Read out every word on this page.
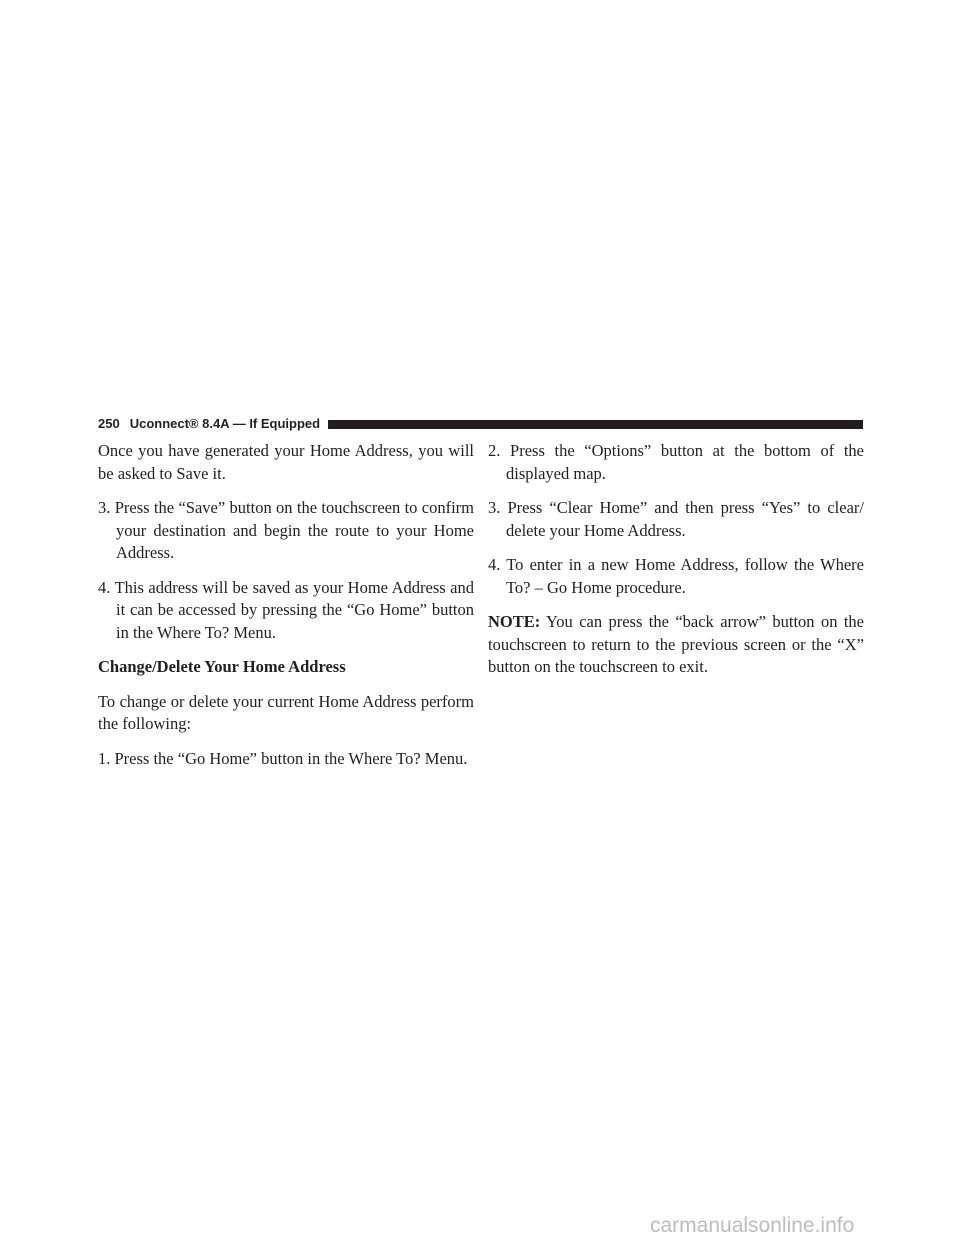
250 Uconnect® 8.4A — If Equipped

Once you have generated your Home Address, you will be asked to Save it.

3. Press the “Save” button on the touchscreen to confirm your destination and begin the route to your Home Address.

4. This address will be saved as your Home Address and it can be accessed by pressing the “Go Home” button in the Where To? Menu.

Change/Delete Your Home Address

To change or delete your current Home Address perform the following:

1. Press the “Go Home” button in the Where To? Menu.

2. Press the “Options” button at the bottom of the displayed map.

3. Press “Clear Home” and then press “Yes” to clear/ delete your Home Address.

4. To enter in a new Home Address, follow the Where To? – Go Home procedure.

NOTE: You can press the “back arrow” button on the touchscreen to return to the previous screen or the “X” button on the touchscreen to exit.

carmanualsonline.info
